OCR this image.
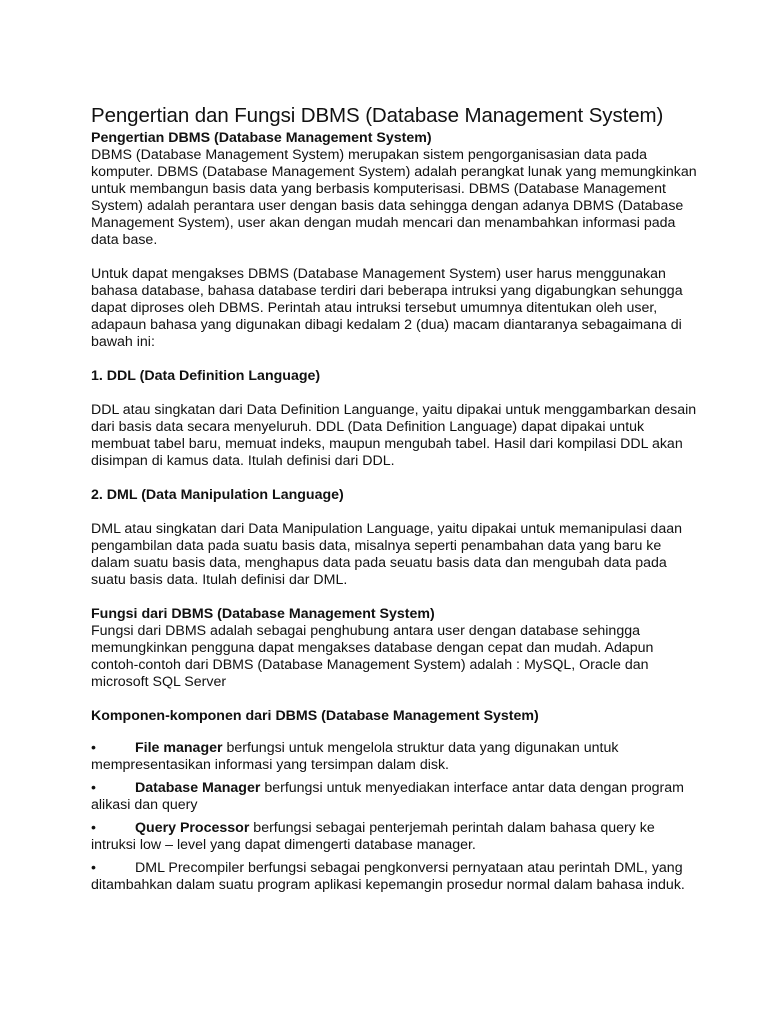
Pengertian dan Fungsi DBMS (Database Management System)
Pengertian DBMS (Database Management System)

DBMS (Database Management System) merupakan sistem pengorganisasian data pada komputer. DBMS (Database Management System) adalah perangkat lunak yang memungkinkan untuk membangun basis data yang berbasis komputerisasi. DBMS (Database Management System) adalah perantara user dengan basis data sehingga dengan adanya DBMS (Database Management System), user akan dengan mudah mencari dan menambahkan informasi pada data base.

Untuk dapat mengakses DBMS (Database Management System) user harus menggunakan bahasa database, bahasa database terdiri dari beberapa intruksi yang digabungkan sehungga dapat diproses oleh DBMS. Perintah atau intruksi tersebut umumnya ditentukan oleh user, adapaun bahasa yang digunakan dibagi kedalam 2 (dua) macam diantaranya sebagaimana di bawah ini:

1. DDL (Data Definition Language)

DDL atau singkatan dari Data Definition Languange, yaitu dipakai untuk menggambarkan desain dari basis data secara menyeluruh. DDL (Data Definition Language) dapat dipakai untuk membuat tabel baru, memuat indeks, maupun mengubah tabel. Hasil dari kompilasi DDL akan disimpan di kamus data. Itulah definisi dari DDL.

2. DML (Data Manipulation Language)

DML atau singkatan dari Data Manipulation Language, yaitu dipakai untuk memanipulasi daan pengambilan data pada suatu basis data, misalnya seperti penambahan data yang baru ke dalam suatu basis data, menghapus data pada seuatu basis data dan mengubah data pada suatu basis data. Itulah definisi dar DML.

Fungsi dari DBMS (Database Management System)

Fungsi dari DBMS adalah sebagai penghubung antara user dengan database sehingga memungkinkan pengguna dapat mengakses database dengan cepat dan mudah. Adapun contoh-contoh dari DBMS (Database Management System) adalah : MySQL, Oracle dan microsoft SQL Server

Komponen-komponen dari DBMS (Database Management System)
•	File manager berfungsi untuk mengelola struktur data yang digunakan untuk mempresentasikan informasi yang tersimpan dalam disk.
•	Database Manager berfungsi untuk menyediakan interface antar data dengan program alikasi dan query
•	Query Processor berfungsi sebagai penterjemah perintah dalam bahasa query ke intruksi low – level yang dapat dimengerti database manager.
•	DML Precompiler berfungsi sebagai pengkonversi pernyataan atau perintah DML, yang ditambahkan dalam suatu program aplikasi kepemangin prosedur normal dalam bahasa induk.
